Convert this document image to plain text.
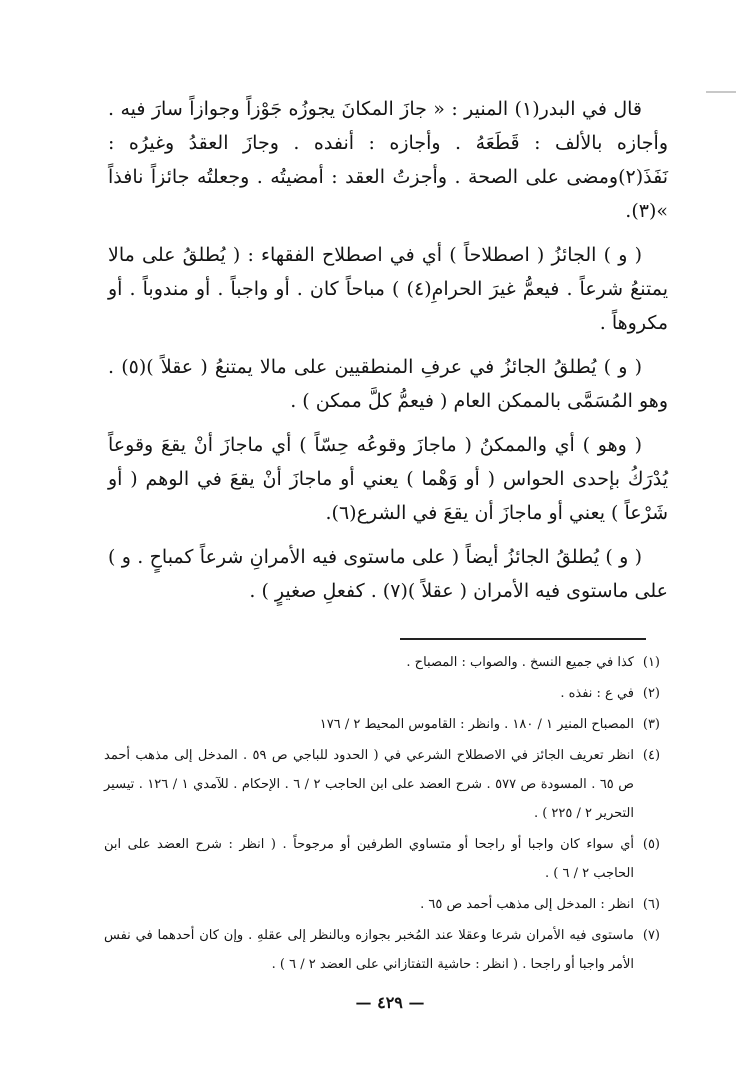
قال في البدر(١) المنير : « جازَ المكانَ يجوزُه جَوْزاً وجوازاً سارَ فيه . وأجازه بالألف : قَطَعَهُ . وأجازه : أنفده . وجازَ العقدُ وغيرُه : نَفَذَ(٢)ومضى على الصحة . وأجزتُ العقد : أمضيتُه . وجعلتُه جائزاً نافذاً »(٣).

( و ) الجائزُ ( اصطلاحاً ) أي في اصطلاح الفقهاء : ( يُطلقُ على مالا يمتنعُ شرعاً . فيعمُّ غيرَ الحرامِ(٤) ) مباحاً كان . أو واجباً . أو مندوباً . أو مكروهاً .

( و ) يُطلقُ الجائزُ في عرفِ المنطقيين على مالا يمتنعُ ( عقلاً )(٥) . وهو المُسَمَّى بالممكن العام ( فيعمُّ كلَّ ممكن ) .

( وهو ) أي والممكنُ ( ماجازَ وقوعُه حِسّاً ) أي ماجازَ أنْ يقعَ وقوعاً يُدْرَكُ بإحدى الحواس ( أو وَهْما ) يعني أو ماجازَ أنْ يقعَ في الوهم ( أو شَرْعاً ) يعني أو ماجازَ أن يقعَ في الشرع(٦).

( و ) يُطلقُ الجائزُ أيضاً ( على ماستوى فيه الأمرانِ شرعاً كمباحٍ . و ) على ماستوى فيه الأمران ( عقلاً )(٧) . كفعلِ صغيرٍ ) .

(١)كذا في جميع النسخ . والصواب : المصباح .
(٢)في ع : نفذه .
(٣)المصباح المنير ١ / ١٨٠ . وانظر : القاموس المحيط ٢ / ١٧٦
(٤)انظر تعريف الجائز في الاصطلاح الشرعي في ( الحدود للباجي ص ٥٩ . المدخل إلى مذهب أحمد ص ٦٥ . المسودة ص ٥٧٧ . شرح العضد على ابن الحاجب ٢ / ٦ . الإحكام . للآمدي ١ / ١٢٦ . تيسير التحرير ٢ / ٢٢٥ ) .
(٥)أي سواء كان واجبا أو راجحا أو متساوي الطرفين أو مرجوحاً . ( انظر : شرح العضد على ابن الحاجب ٢ / ٦ ) .
(٦)انظر : المدخل إلى مذهب أحمد ص ٦٥ .
(٧)ماستوى فيه الأمران شرعا وعقلا عند المُخبر بجوازه وبالنظر إلى عقلهِ . وإن كان أحدهما في نفس الأمر واجبا أو راجحا . ( انظر : حاشية التفتازاني على العضد ٢ / ٦ ) .
— ٤٢٩ —
